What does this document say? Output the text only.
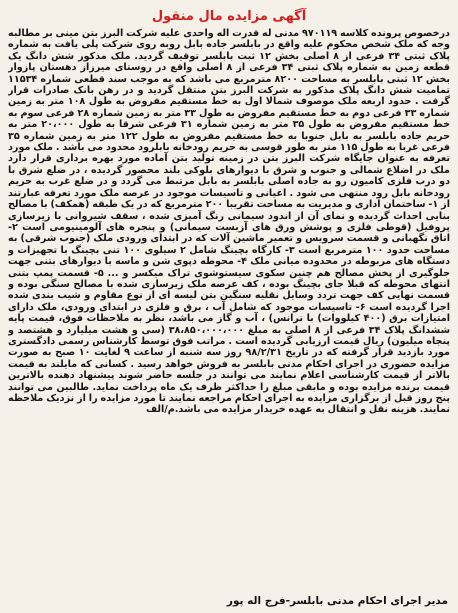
آگهی مزایده مال منقول

درخصوص پرونده کلاسه ۹۷۰۱۱۹ مدنی له قدرت اله واحدی علیه شرکت البرز بتن مینی بر مطالبه وجه که ملک شخص محکوم علیه واقع در بابلسر جاده بابل روبه روی شرکت پلی یافت به شماره پلاک ثبتی ۳۴ فرعی از ۸ اصلی بخش ۱۲ ثبت بابلسر توقیف گردید. ملک مذکور شش دانگ یک قطعه زمین به شماره پلاک ثبتی ۳۴ فرعی از ۸ اصلی واقع در روستای میرزاز دهستان پازوار بخش ۱۲ ثبتی بابلسر به مساحت ۸۲۰۰ مترمربع می باشد که به موجب سند قطعی شماره ۱۱۵۳۴ تمامیت شش دانگ پلاک مذکور به شرکت البرز بتن منتقل گردید و در رهن بانک صادرات قرار گرفت . حدود اربعه ملک موصوف شمالا اول به خط مستقیم مفروض به طول ۱۰۸ متر به زمین شماره ۳۳ فرعی دوم به خط مستقیم مفروض به طول ۳۳ متر به زمین شماره ۲۸ فرعی سوم به خط مستقیم مفروض به طول ۳۵ متر به زمین شماره ۳۱ فرعی شرقا به طول ۲۰،۰۰۰ متر به حریم جاده بابلسر به بابل جنوبا به خط مستقیم مفروض به طول ۱۲۲ متر به زمین شماره ۳۵ فرعی غربا به طول ۱۱۵ متر به طور قوسی به حریم رودخانه بابلرود محدود می باشد . ملک مورد تعرفه به عنوان جایگاه شرکت البرز بتن در زمینه تولید بتن آماده مورد بهره برداری قرار دارد ملک در اضلاع شمالی و جنوب و شرق با دیوارهای بلوکی بلند محصور گردیده ، در ضلع شرق با دو درب فلزی کامیون رو به جاده اصلی بابلسر به بابل مرتبط می گردد و در ضلع غرب به حریم رودخانه بابل رود منتهی می شود . اعیانی و تاسیسات موجود در عرصه ملک مورد تعرفه عبارتند از ۱- ساختمان اداری و مدیریت به مساحت تقریبا ۲۰۰ مترمربع که در یک طبقه (همکف) با مصالح بنایی احداث گردیده و نمای آن از اندود سیمانی رنگ آمیزی شده ، سقف شیروانی با زیرسازی پروفیل (قوطی فلزی و پوشش ورق های آزبست سیمانی) و پنجره های آلومینیومی است ۲- اتاق نگهبانی و قسمت سرویس و تعمیر ماشین آلات که در ابتدای ورودی ملک (جنوب شرقی) به مساحت حدود ۱۰۰ مترمربع است ۳- کارگاه بچینگ شامل ۲ سیلوی ۱۰۰ تنی بچینگ با تجهیزات و دستگاه های مربوطه در محدوده میانی ملک ۴- محوطه دپوی شن و ماسه با دیوارهای بتنی جهت جلوگیری از پخش مصالح هم چنین سکوی سیستوشوی تراک میکسر و ... ۵- قسمت پمپ بتنی انتهای محوطه که قبلا جای بچینگ بوده ، کف عرصه ملک زیرسازی شده با مصالح سنگی بوده و قسمت نهایی کف جهت تردد وسایل نقلیه سنگین بتن لیسه ای از نوع مقاوم و شیب بندی شده اجرا گردیده است ۶- تاسیسات موجود که شامل آب ، برق و فلزی در ابتدای ورودی، ملک دارای امتیازات برق (۴۰۰ کیلووات) با ترانس) ، آب و گاز می باشد، نظر به ملاحظات فوق، قیمت پایه ششدانگ پلاک ۳۴ فرعی از ۸ اصلی به مبلغ ۳۸،۸۵۰،۰۰۰،۰۰۰ (سی و هشت میلیارد و هشتصد و پنجاه میلیون) ریال قیمت ارزیابی گردیده است . مراتب فوق توسط کارشناس رسمی دادگستری مورد بازدید قرار گرفته که در تاریخ ۹۸/۲/۳۱ روز سه شنبه از ساعت ۹ لغایت ۱۰ صبح به صورت مزایده حضوری در اجرای احکام مدنی بابلسر به فروش خواهد رسید . کسانی که مایلند به قیمت بالاتر از قیمت کارشناسی اعلام نمایند می توانند در جلسه حاضر شوند پیشنهاد دهنده بالاترین قیمت برنده مزایده بوده و مابقی مبلغ را حداکثر ظرف یک ماه پرداخت نماید. طالبین می توانند پنج روز قبل از برگزاری مزایده به اجرای احکام مراجعه نمایند تا مورد مزایده را از نزدیک ملاحظه نمایند. هزینه نقل و انتقال به عهده خریدار مزایده می باشد.م/الف

مدیر اجرای احکام مدنی بابلسر-فرج اله پور
